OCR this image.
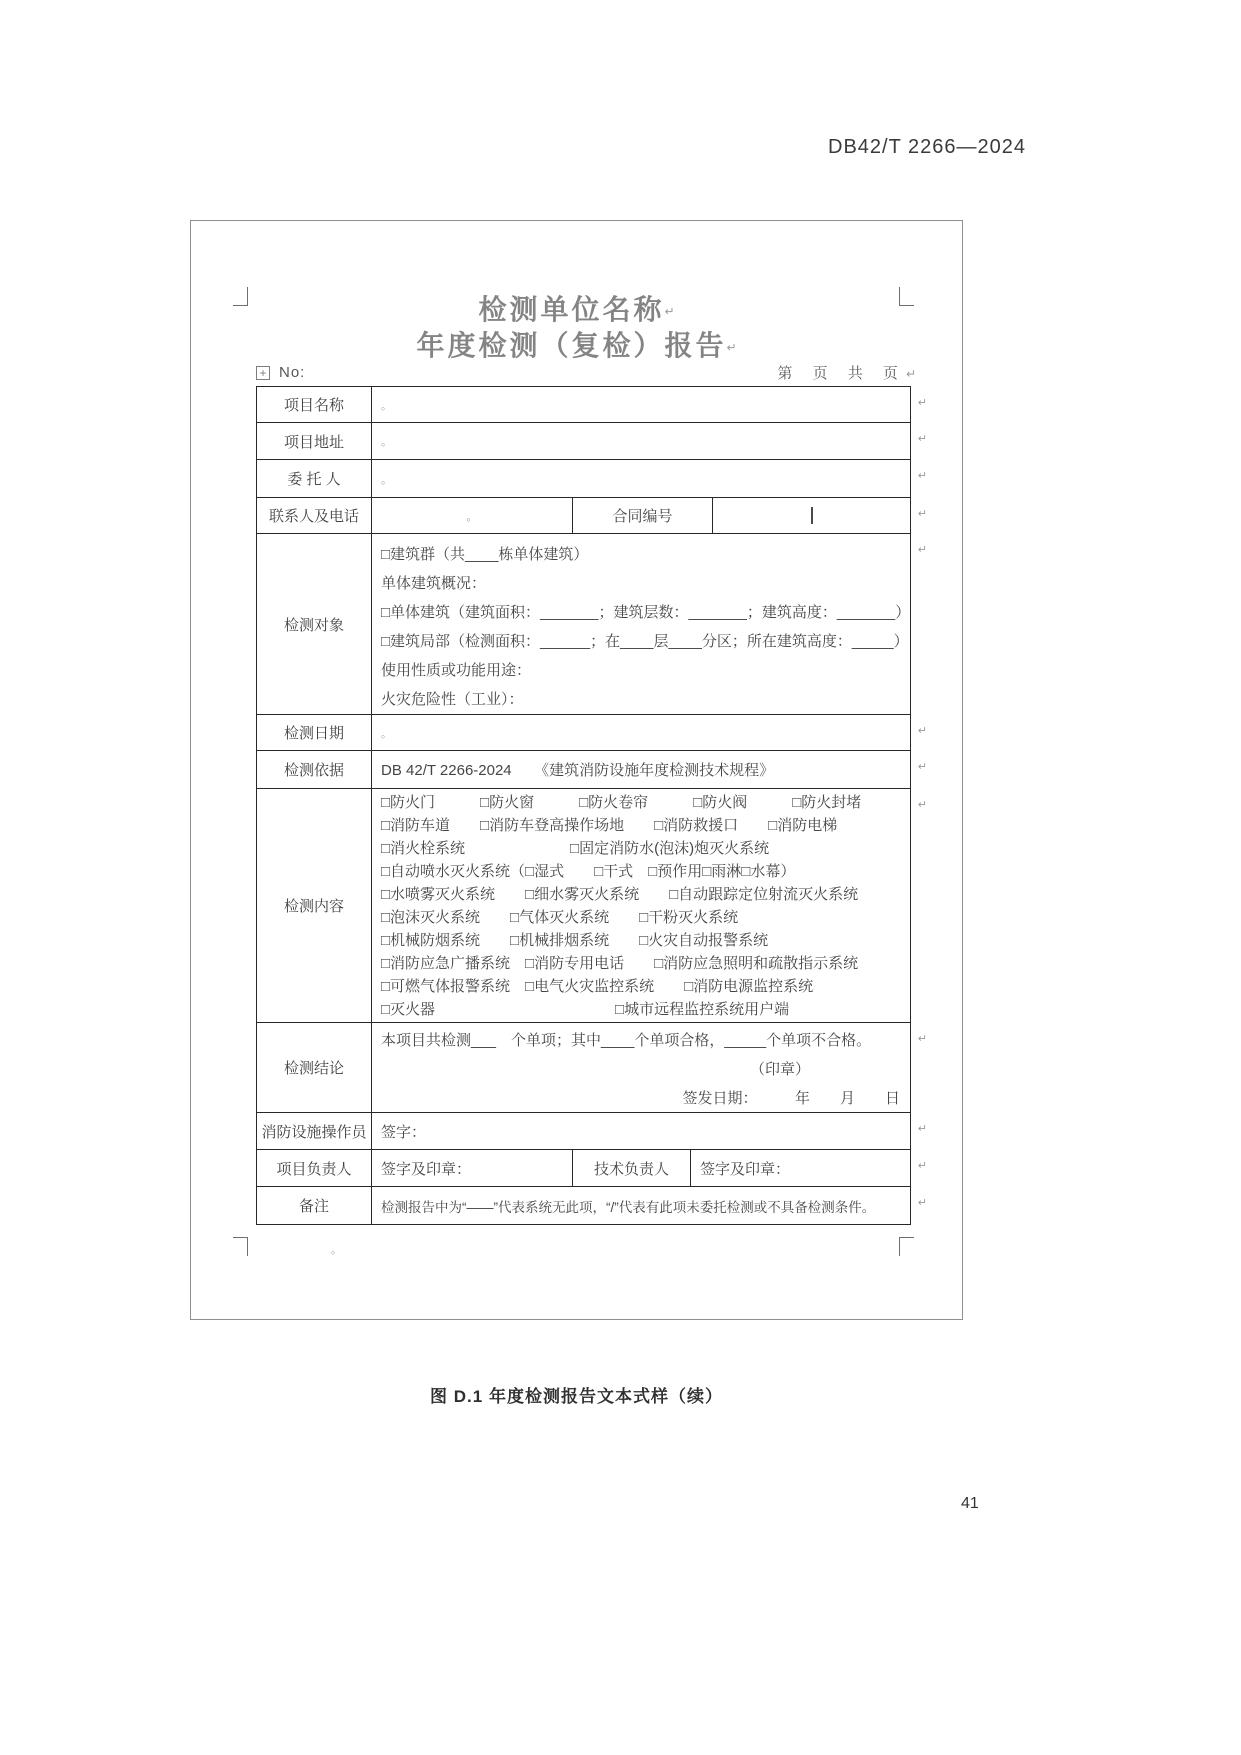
DB42/T 2266—2024
检测单位名称↵
年度检测（复检）报告↵
+ No:	第 页 共 页↵
项目名称	。	↵
项目地址	。	↵
委 托 人	。	↵
联系人及电话	。	合同编号	↵
检测对象
□建筑群（共____栋单体建筑）
单体建筑概况：
□单体建筑（建筑面积：_______；建筑层数：_______；建筑高度：_______）
□建筑局部（检测面积：______；在____层____分区；所在建筑高度：_____）
使用性质或功能用途：
火灾危险性（工业）：
↵
检测日期	。	↵
检测依据	DB 42/T 2266-2024　　《建筑消防设施年度检测技术规程》	↵
检测内容
□防火门　　　□防火窗　　　□防火卷帘　　　□防火阀　　　□防火封堵
□消防车道　　□消防车登高操作场地　　□消防救援口　　□消防电梯
□消火栓系统　　　　　　　□固定消防水(泡沫)炮灭火系统
□自动喷水灭火系统（□湿式　　□干式　□预作用□雨淋□水幕）
□水喷雾灭火系统　　□细水雾灭火系统　　□自动跟踪定位射流灭火系统
□泡沫灭火系统　　□气体灭火系统　　□干粉灭火系统
□机械防烟系统　　□机械排烟系统　　□火灾自动报警系统
□消防应急广播系统　□消防专用电话　　□消防应急照明和疏散指示系统
□可燃气体报警系统　□电气火灾监控系统　　□消防电源监控系统
□灭火器　　　　　　　　　　　　□城市远程监控系统用户端
↵
检测结论
本项目共检测___　个单项；其中____个单项合格，_____个单项不合格。
（印章）
签发日期：　　　年　　月　　日
↵
消防设施操作员 签字：	↵
项目负责人	签字及印章：	技术负责人 签字及印章：	↵
备注	检测报告中为“——”代表系统无此项，“/”代表有此项未委托检测或不具备检测条件。	↵
。
图 D.1 年度检测报告文本式样（续）
41
